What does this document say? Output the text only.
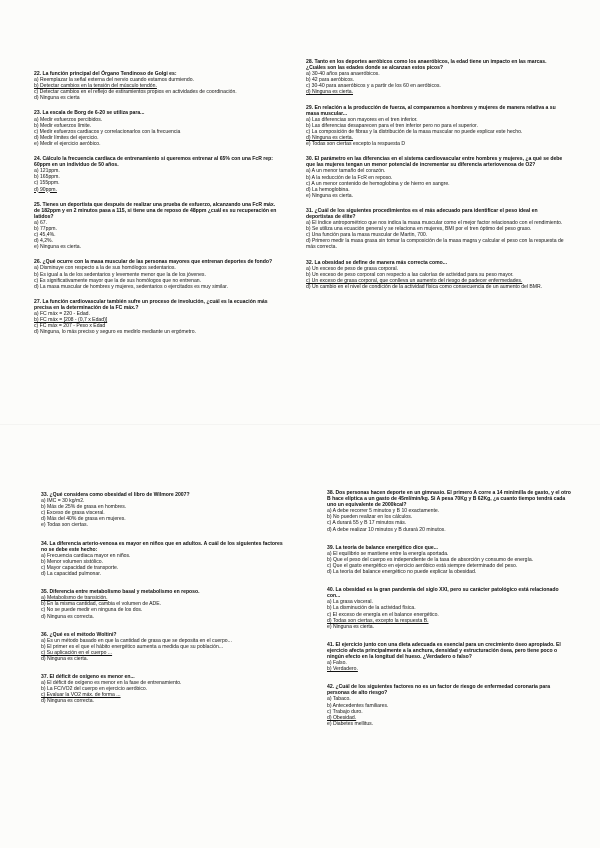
22. La función principal del Órgano Tendinoso de Golgi es:
a) Reemplazar la señal externa del nervio cuando estamos durmiendo.
b) Detectar cambios en la tensión del músculo tendón.
c) Detectar cambios en el reflejo de estiramientos propios en actividades de coordinación.
d) Ninguna es cierta
23. La escala de Borg de 6-20 se utiliza para...
a) Medir esfuerzos percibidos.
b) Medir esfuerzos límite.
c) Medir esfuerzos cardiacos y correlacionarlos con la frecuencia
d) Medir límites del ejercicio.
e) Medir el ejercicio aeróbico.
24. Cálculo la frecuencia cardíaca de entrenamiento si queremos entrenar al 65% con una FcR rep: 60ppm en un individuo de 50 años.
a) 121ppm.
b) 165ppm.
c) 155ppm.
d) 90ppm.
25. Tienes un deportista que después de realizar una prueba de esfuerzo, alcanzando una FcR máx. de 182ppm y en 2 minutos pasa a 115, si tiene una de reposo de 48ppm ¿cuál es su recuperación en latidos?
a) 67.
b) 77ppm.
c) 45,4%.
d) 4,2%.
e) Ninguna es cierta.
26. ¿Qué ocurre con la masa muscular de las personas mayores que entrenan deportes de fondo?
a) Disminuye con respecto a la de sus homólogos sedentarios.
b) Es igual a la de los sedentarios y levemente menor que la de los jóvenes.
c) Es significativamente mayor que la de sus homólogos que no entrenan.
d) La masa muscular de hombres y mujeres, sedentarios o ejercitados es muy similar.
27. La función cardiovascular también sufre un proceso de involución, ¿cuál es la ecuación más precisa en la determinación de la FC máx.?
a) FC máx = 220 - Edad.
b) FC máx = [208 - (0,7 x Edad)]
c) FC máx = 207 - Peso x Edad
d) Ninguna, lo más preciso y seguro es medirlo mediante un ergómetro.
28. Tanto en los deportes aeróbicos como los anaeróbicos, la edad tiene un impacto en las marcas. ¿Cuáles son las edades donde se alcanzan estos picos?
a) 30-40 años para anaeróbicos.
b) 42 para aeróbicos.
c) 30-40 para anaeróbicos y a partir de los 60 en aeróbicos.
d) Ninguna es cierta.
29. En relación a la producción de fuerza, al compararnos a hombres y mujeres de manera relativa a su masa muscular...
a) Las diferencias son mayores en el tren inferior.
b) Las diferencias desaparecen para el tren inferior pero no para el superior.
c) La composición de fibras y la distribución de la masa muscular no puede explicar este hecho.
d) Ninguna es cierta.
e) Todas son ciertas excepto la respuesta D
30. El parámetro en las diferencias en el sistema cardiovascular entre hombres y mujeres, ¿a qué se debe que las mujeres tengan un menor potencial de incrementar su diferencia arteriovenosa de O2?
a) A un menor tamaño del corazón.
b) A la reducción de la FcR en reposo.
c) A un menor contenido de hemoglobina y de hierro en sangre.
d) La hemoglobina.
e) Ninguna es cierta.
31. ¿Cuál de los siguientes procedimientos es el más adecuado para identificar el peso ideal en deportistas de élite?
a) El índice antropométrico que nos indica la masa muscular como el mejor factor relacionado con el rendimiento.
b) Se utiliza una ecuación general y se relaciona en mujeres, BMI por el tren óptimo del peso graso.
c) Una función para la masa muscular de Martin, 700.
d) Primero medir la masa grasa sin tomar la composición de la masa magra y calcular el peso con la respuesta de más correcta.
32. La obesidad se define de manera más correcta como...
a) Un exceso de peso de grasa corporal.
b) Un exceso de peso corporal con respecto a las calorías de actividad para su peso mayor.
c) Un exceso de grasa corporal, que conlleva un aumento del riesgo de padecer enfermedades.
d) Un cambio en el nivel de condición de la actividad física como consecuencia de un aumento del BMR.
33. ¿Qué considera como obesidad el libro de Wilmore 2007?
a) IMC = 30 kg/m2.
b) Más de 25% de grasa en hombres.
c) Exceso de grasa visceral.
d) Más del 40% de grasa en mujeres.
e) Todas son ciertas.
34. La diferencia arterio-venosa es mayor en niños que en adultos. A cuál de los siguientes factores no se debe este hecho:
a) Frecuencia cardiaca mayor en niños.
b) Menor volumen sistólico.
c) Mayor capacidad de transporte.
d) La capacidad pulmonar.
35. Diferencia entre metabolismo basal y metabolismo en reposo.
a) Metabolismo de transición.
b) En la misma cantidad, cambia el volumen de ADE.
c) No se puede medir en ninguna de los dos.
d) Ninguna es correcta.
36. ¿Qué es el método Woltini?
a) Es un método basado en que la cantidad de grasa que se deposita en el cuerpo...
b) El primer es el que el hábito energético aumenta a medida que su población...
c) Su aplicación en el cuerpo ...
d) Ninguna es cierta.
37. El déficit de oxígeno es menor en...
a) El déficit de oxígeno es menor en la fase de entrenamiento.
b) La FC/VO2 del cuerpo en ejercicio aeróbico.
c) Evaluar la VO2 máx. de forma ...
d) Ninguna es correcta.
38. Dos personas hacen deporte en un gimnasio. El primero A corre a 14 min/milla de gasto, y el otro B hace elíptica a un gasto de 45ml/min/kg. Si A pesa 70Kg y B 62Kg, ¿a cuanto tiempo tendrá cada uno un equivalente de 2000kcal?
a) A debe recorrer 5 minutos y B 10 exactamente.
b) No pueden realizar en los cálculos.
c) A durará 55 y B 17 minutos más.
d) A debe realizar 10 minutos y B durará 20 minutos.
39. La teoría de balance energético dice que...
a) El equilibrio se mantiene entre la energía aportada.
b) Que el peso del cuerpo es independiente de la tasa de absorción y consumo de energía.
c) Que el gasto energético en ejercicio aeróbico está siempre determinado del peso.
d) La teoría del balance energético no puede explicar la obesidad.
40. La obesidad es la gran pandemia del siglo XXI, pero su carácter patológico está relacionado con...
a) La grasa visceral.
b) La disminución de la actividad física.
c) El exceso de energía en el balance energético.
d) Todas son ciertas, excepto la respuesta B.
e) Ninguna es cierta.
41. El ejercicio junto con una dieta adecuada es esencial para un crecimiento óseo apropiado. El ejercicio afecta principalmente a la anchura, densidad y estructuración ósea, pero tiene poco o ningún efecto en la longitud del hueso. ¿Verdadero o falso?
a) Falso.
b) Verdadero.
42. ¿Cuál de los siguientes factores no es un factor de riesgo de enfermedad coronaria para personas de alto riesgo?
a) Tabaco.
b) Antecedentes familiares.
c) Trabajo duro.
d) Obesidad.
e) Diabetes mellitus.
